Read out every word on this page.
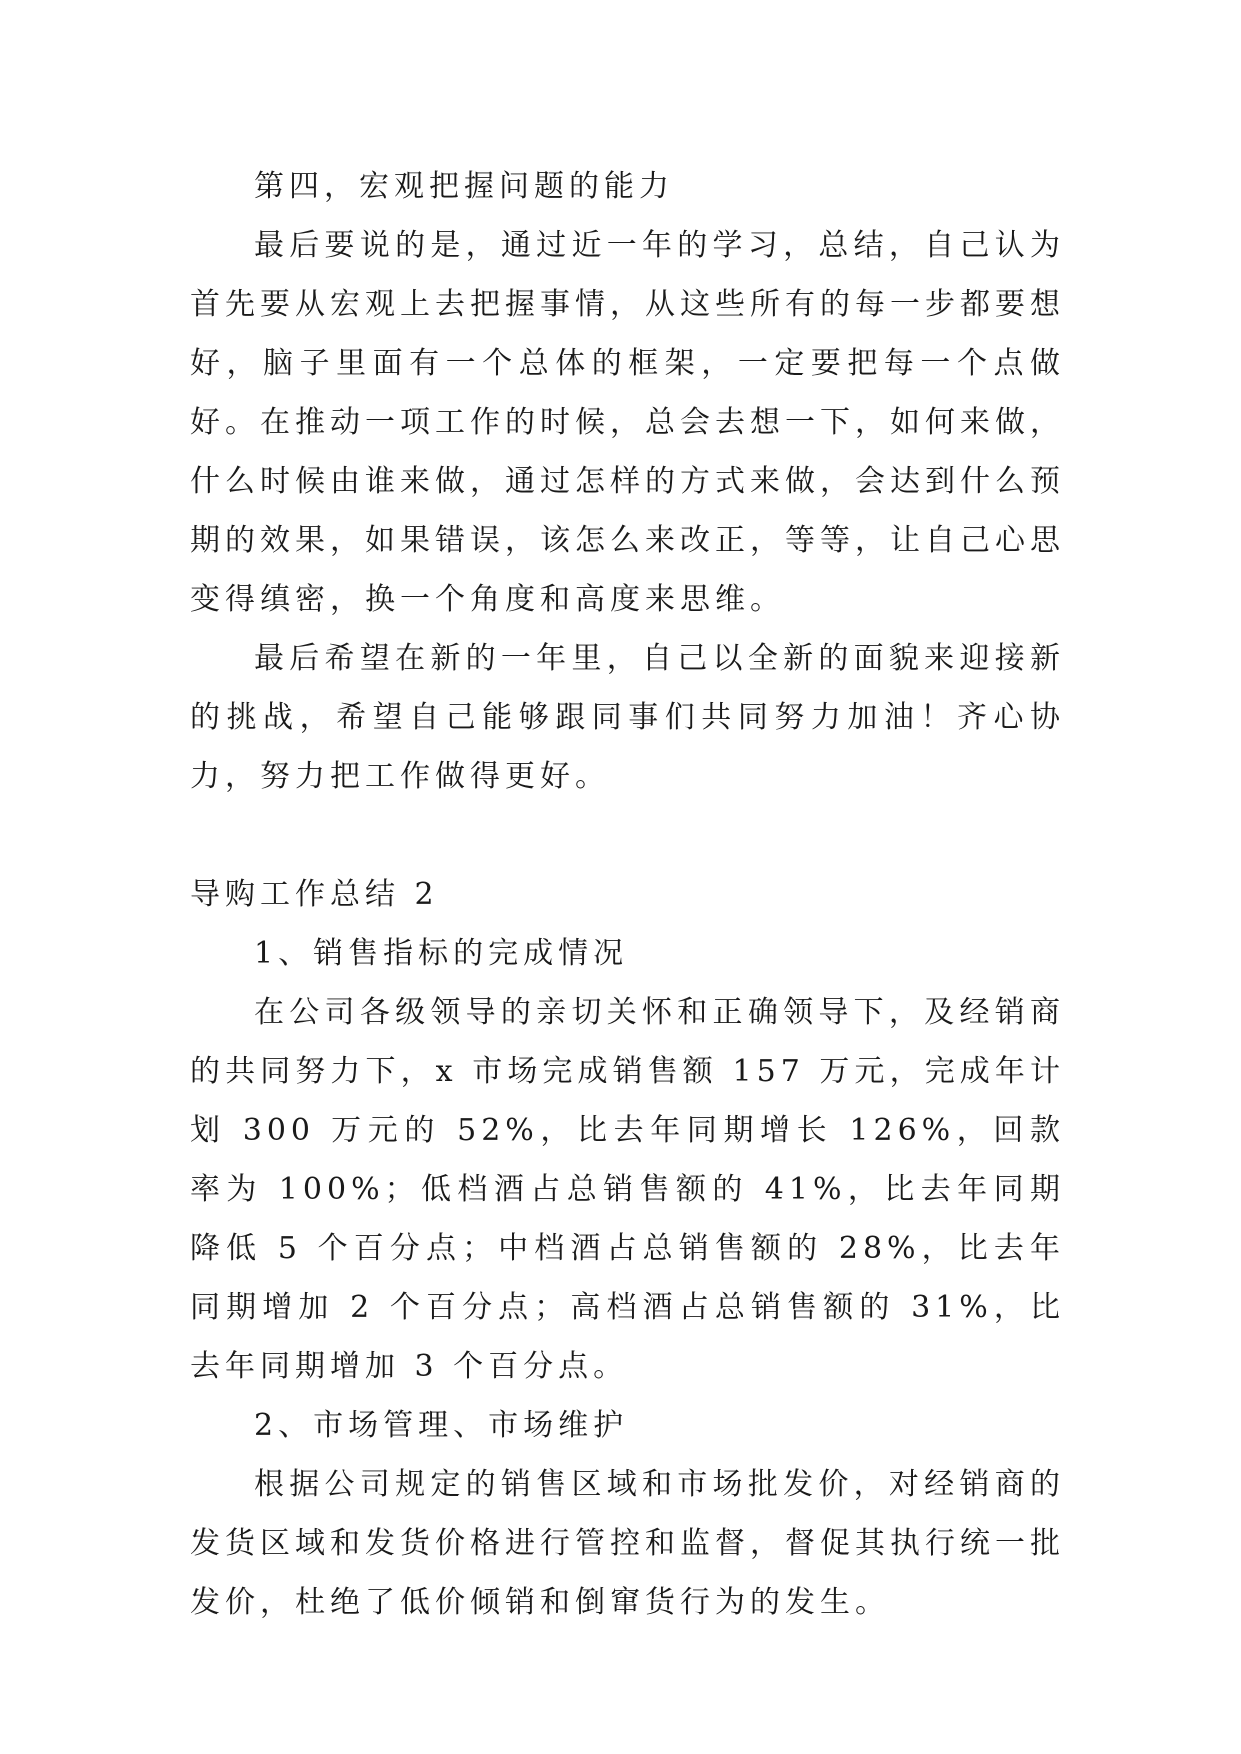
第四，宏观把握问题的能力

最后要说的是，通过近一年的学习，总结，自己认为首先要从宏观上去把握事情，从这些所有的每一步都要想好，脑子里面有一个总体的框架，一定要把每一个点做好。在推动一项工作的时候，总会去想一下，如何来做，什么时候由谁来做，通过怎样的方式来做，会达到什么预期的效果，如果错误，该怎么来改正，等等，让自己心思变得缜密，换一个角度和高度来思维。

最后希望在新的一年里，自己以全新的面貌来迎接新的挑战，希望自己能够跟同事们共同努力加油！齐心协力，努力把工作做得更好。

导购工作总结 2

1、销售指标的完成情况

在公司各级领导的亲切关怀和正确领导下，及经销商的共同努力下，x 市场完成销售额 157 万元，完成年计划 300 万元的 52%，比去年同期增长 126%，回款率为 100%；低档酒占总销售额的 41%，比去年同期降低 5 个百分点；中档酒占总销售额的 28%，比去年同期增加 2 个百分点；高档酒占总销售额的 31%，比去年同期增加 3 个百分点。

2、市场管理、市场维护

根据公司规定的销售区域和市场批发价，对经销商的发货区域和发货价格进行管控和监督，督促其执行统一批发价，杜绝了低价倾销和倒窜货行为的发生。
